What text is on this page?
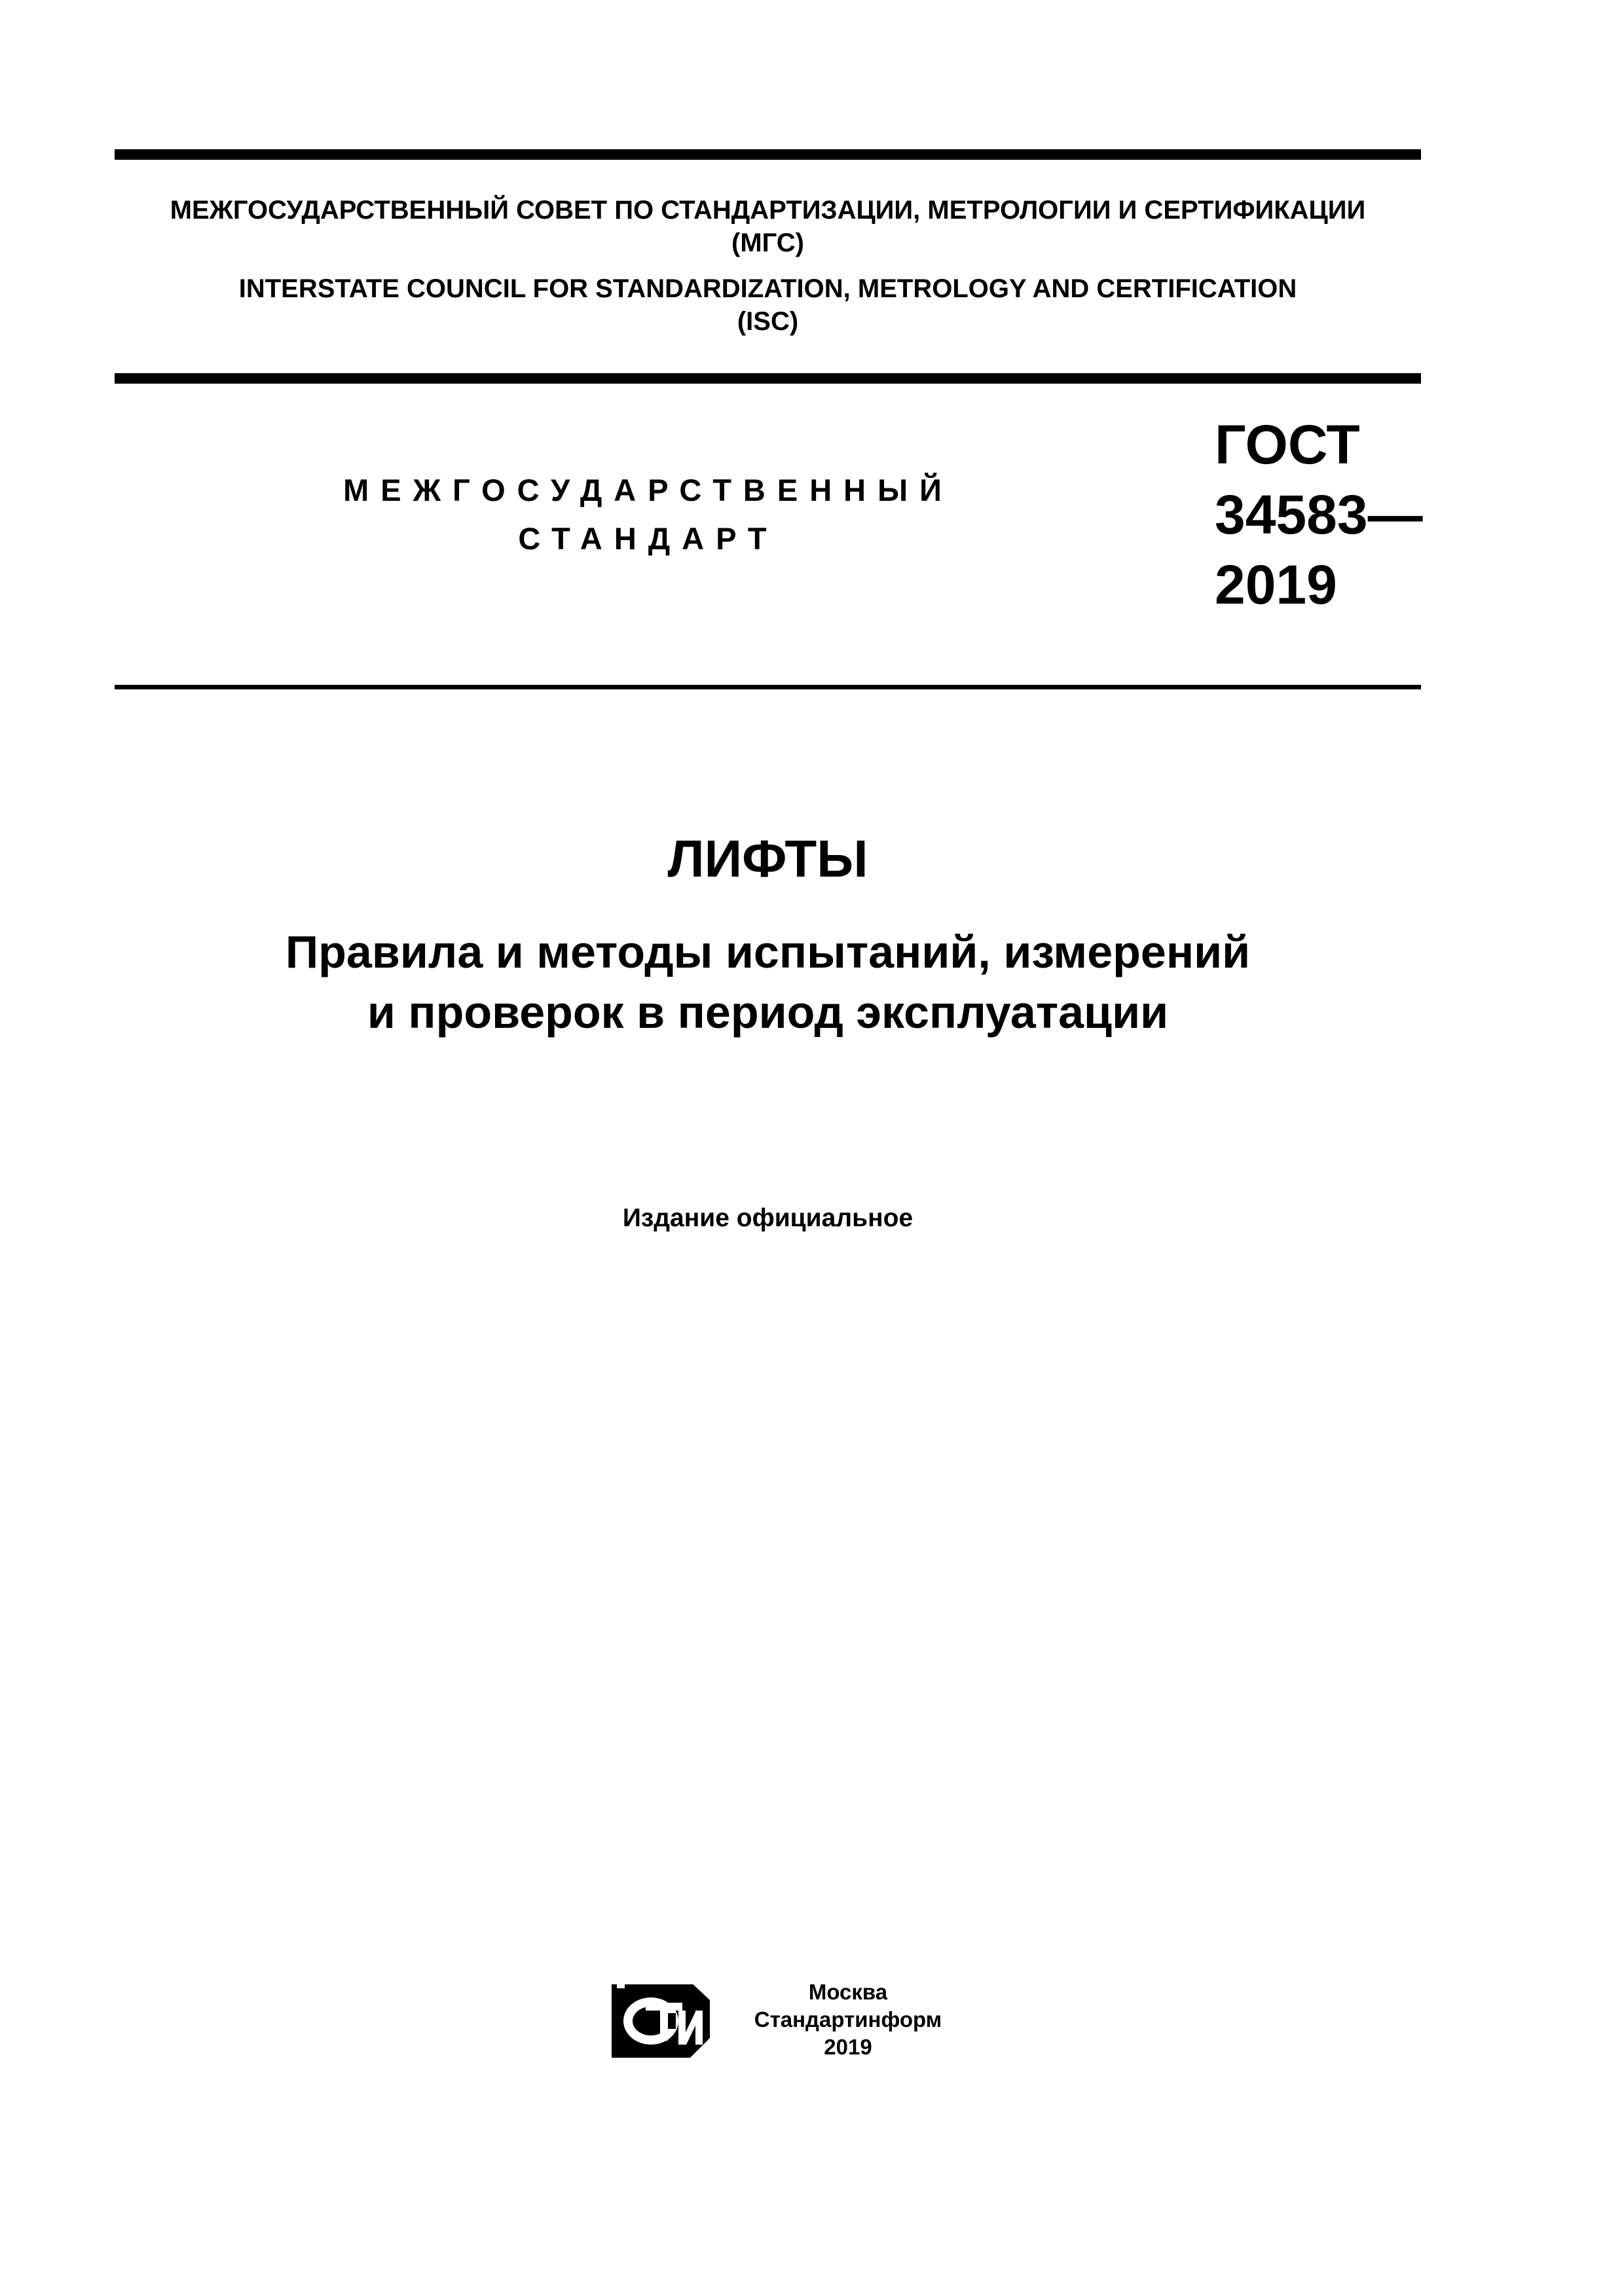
МЕЖГОСУДАРСТВЕННЫЙ СОВЕТ ПО СТАНДАРТИЗАЦИИ, МЕТРОЛОГИИ И СЕРТИФИКАЦИИ
(МГС)
INTERSTATE COUNCIL FOR STANDARDIZATION, METROLOGY AND CERTIFICATION
(ISC)
МЕЖГОСУДАРСТВЕННЫЙ
СТАНДАРТ
ГОСТ
34583—
2019
ЛИФТЫ
Правила и методы испытаний, измерений
и проверок в период эксплуатации
Издание официальное
Москва
Стандартинформ
2019
